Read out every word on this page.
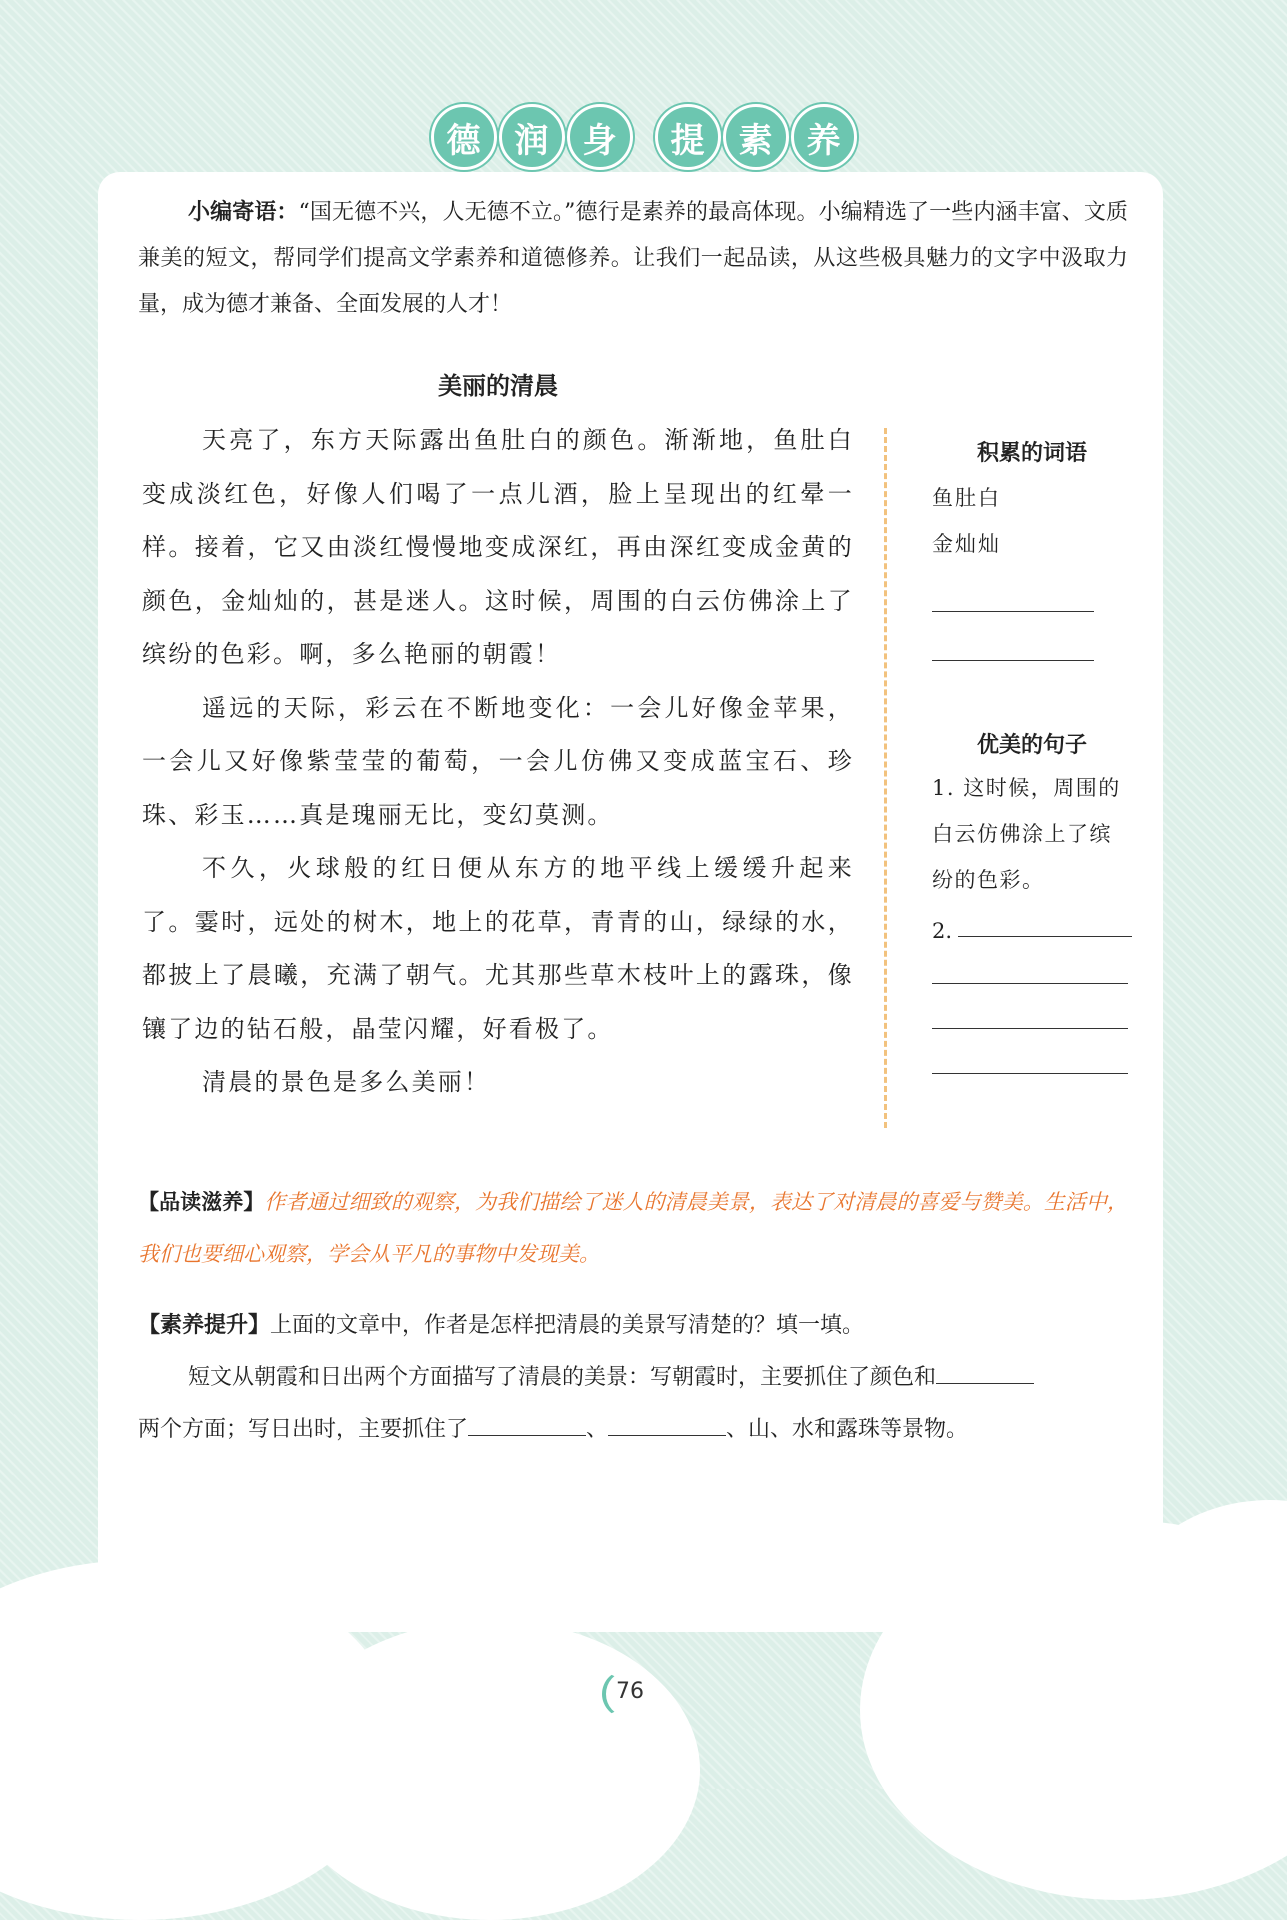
德	润	身	提	素	养
小编寄语：“国无德不兴，人无德不立。”德行是素养的最高体现。小编精选了一些内涵丰富、文质兼美的短文，帮同学们提高文学素养和道德修养。让我们一起品读，从这些极具魅力的文字中汲取力量，成为德才兼备、全面发展的人才！
美丽的清晨

天亮了，东方天际露出鱼肚白的颜色。渐渐地，鱼肚白变成淡红色，好像人们喝了一点儿酒，脸上呈现出的红晕一样。接着，它又由淡红慢慢地变成深红，再由深红变成金黄的颜色，金灿灿的，甚是迷人。这时候，周围的白云仿佛涂上了缤纷的色彩。啊，多么艳丽的朝霞！

遥远的天际，彩云在不断地变化：一会儿好像金苹果，一会儿又好像紫莹莹的葡萄，一会儿仿佛又变成蓝宝石、珍珠、彩玉……真是瑰丽无比，变幻莫测。

不久，火球般的红日便从东方的地平线上缓缓升起来了。霎时，远处的树木，地上的花草，青青的山，绿绿的水，都披上了晨曦，充满了朝气。尤其那些草木枝叶上的露珠，像镶了边的钻石般，晶莹闪耀，好看极了。

清晨的景色是多么美丽！

积累的词语
鱼肚白
金灿灿
优美的句子
1. 这时候，周围的白云仿佛涂上了缤纷的色彩。
2.
【品读滋养】作者通过细致的观察，为我们描绘了迷人的清晨美景，表达了对清晨的喜爱与赞美。生活中，我们也要细心观察，学会从平凡的事物中发现美。

【素养提升】上面的文章中，作者是怎样把清晨的美景写清楚的？填一填。

短文从朝霞和日出两个方面描写了清晨的美景：写朝霞时，主要抓住了颜色和

两个方面；写日出时，主要抓住了	、	、山、水和露珠等景物。

76
